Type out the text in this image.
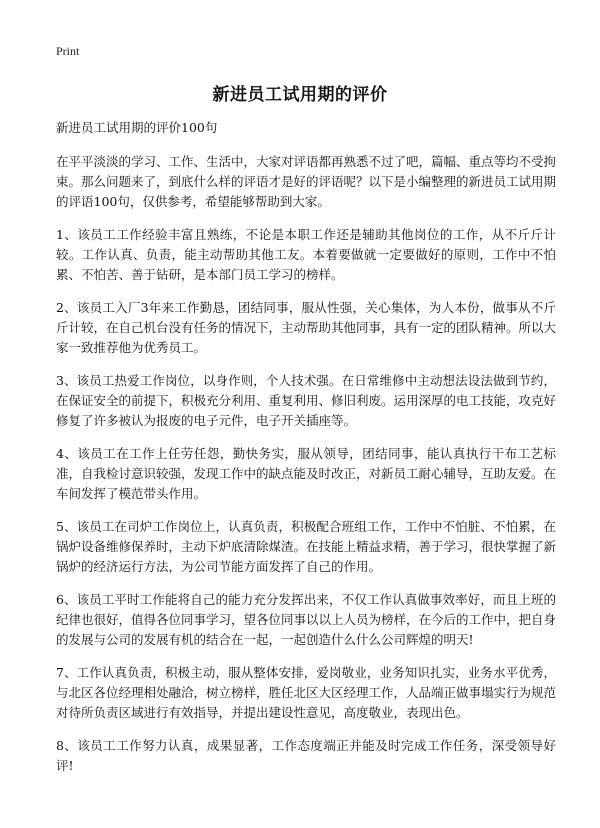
Print
新进员工试用期的评价

新进员工试用期的评价100句

在平平淡淡的学习、工作、生活中，大家对评语都再熟悉不过了吧，篇幅、重点等均不受拘束。那么问题来了，到底什么样的评语才是好的评语呢？以下是小编整理的新进员工试用期的评语100句，仅供参考，希望能够帮助到大家。

1、该员工工作经验丰富且熟练，不论是本职工作还是辅助其他岗位的工作，从不斤斤计较。工作认真、负责，能主动帮助其他工友。本着要做就一定要做好的原则，工作中不怕累、不怕苦、善于钻研，是本部门员工学习的榜样。

2、该员工入厂3年来工作勤恳，团结同事，服从性强，关心集体，为人本份，做事从不斤斤计较，在自己机台没有任务的情况下，主动帮助其他同事，具有一定的团队精神。所以大家一致推荐他为优秀员工。

3、该员工热爱工作岗位，以身作则，个人技术强。在日常维修中主动想法设法做到节约，在保证安全的前提下，积极充分利用、重复利用、修旧利废。运用深厚的电工技能，攻克好修复了许多被认为报废的电子元件，电子开关插座等。

4、该员工在工作上任劳任怨，勤快务实，服从领导，团结同事，能认真执行干布工艺标准，自我检讨意识较强，发现工作中的缺点能及时改正，对新员工耐心辅导，互助友爱。在车间发挥了模范带头作用。

5、该员工在司炉工作岗位上，认真负责，积极配合班组工作，工作中不怕脏、不怕累，在锅炉设备维修保养时，主动下炉底清除煤渣。在技能上精益求精，善于学习，很快掌握了新锅炉的经济运行方法，为公司节能方面发挥了自己的作用。

6、该员工平时工作能将自己的能力充分发挥出来，不仅工作认真做事效率好，而且上班的纪律也很好，值得各位同事学习，望各位同事以以上人员为榜样，在今后的工作中，把自身的发展与公司的发展有机的结合在一起，一起创造什么什么公司辉煌的明天!

7、工作认真负责，积极主动，服从整体安排，爱岗敬业，业务知识扎实，业务水平优秀，与北区各位经理相处融洽，树立榜样，胜任北区大区经理工作，人品端正做事塌实行为规范对待所负责区域进行有效指导，并提出建设性意见，高度敬业，表现出色。

8、该员工工作努力认真，成果显著，工作态度端正并能及时完成工作任务，深受领导好评!
